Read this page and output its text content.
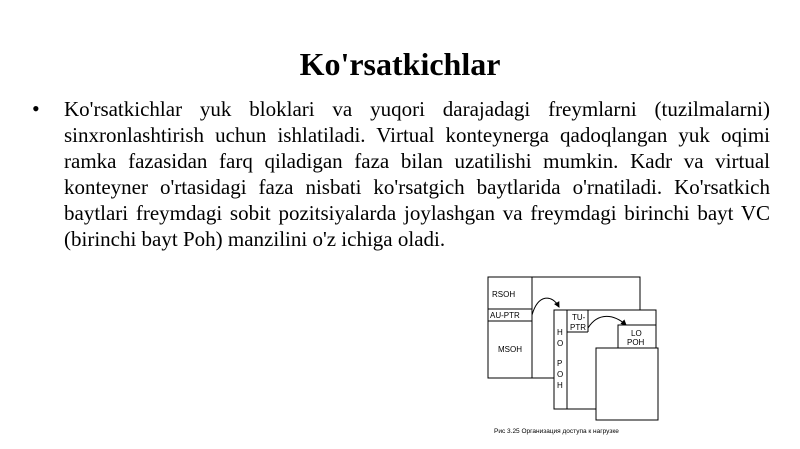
Ko'rsatkichlar
• Ko'rsatkichlar yuk bloklari va yuqori darajadagi freymlarni (tuzilmalarni) sinxronlashtirish uchun ishlatiladi. Virtual konteynerga qadoqlangan yuk oqimi ramka fazasidan farq qiladigan faza bilan uzatilishi mumkin. Kadr va virtual konteyner o'rtasidagi faza nisbati ko'rsatgich baytlarida o'rnatiladi. Ko'rsatkich baytlari freymdagi sobit pozitsiyalarda joylashgan va freymdagi birinchi bayt VC (birinchi bayt Poh) manzilini o'z ichiga oladi.
RSOH
AU-PTR
MSOH
H
O
P
O
H
TU-
PTR
LO
POH
Рис 3.25 Организация доступа к нагрузке
